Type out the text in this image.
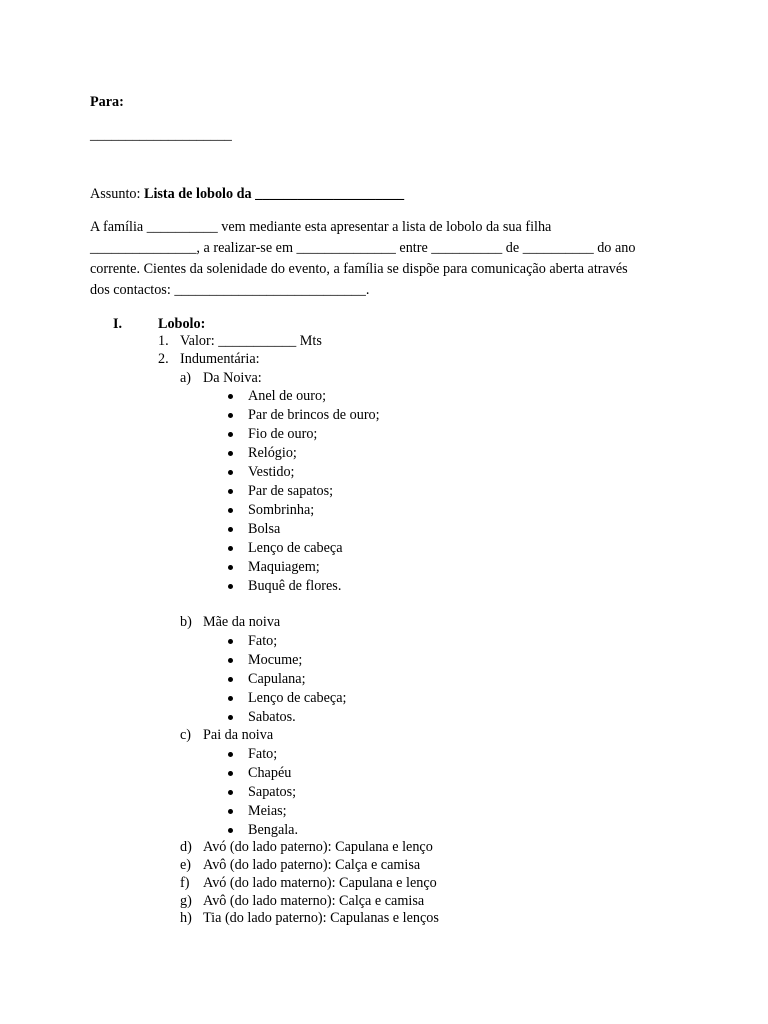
Para:
____________________
Assunto: Lista de lobolo da _____________________
A família __________ vem mediante esta apresentar a lista de lobolo da sua filha
_______________, a realizar-se em ______________ entre __________ de __________ do ano
corrente. Cientes da solenidade do evento, a família se dispõe para comunicação aberta através
dos contactos: ___________________________.
I.	Lobolo:
1. Valor: ___________ Mts
2. Indumentária:
a) Da Noiva:
Anel de ouro;
Par de brincos de ouro;
Fio de ouro;
Relógio;
Vestido;
Par de sapatos;
Sombrinha;
Bolsa
Lenço de cabeça
Maquiagem;
Buquê de flores.
b) Mãe da noiva
Fato;
Mocume;
Capulana;
Lenço de cabeça;
Sabatos.
c) Pai da noiva
Fato;
Chapéu
Sapatos;
Meias;
Bengala.
d) Avó (do lado paterno): Capulana e lenço
e) Avô (do lado paterno): Calça e camisa
f) Avó (do lado materno): Capulana e lenço
g) Avô (do lado materno): Calça e camisa
h) Tia (do lado paterno): Capulanas e lenços
